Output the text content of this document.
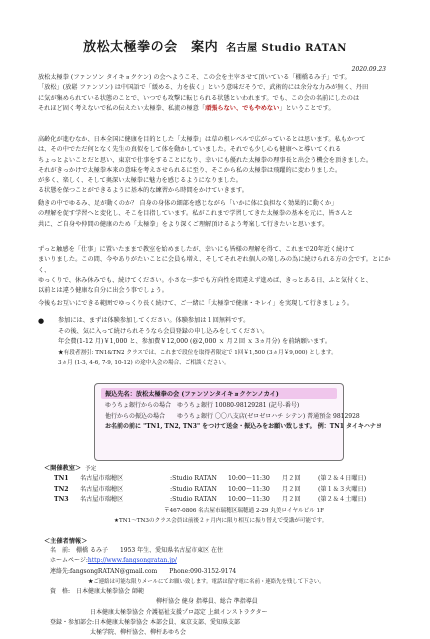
放松太極拳の会　案内 名古屋 Studio RATAN
2020.09.23

放松太極拳 (ファンソン タイキョクケン) の会へようこそ、この会を主宰させて頂いている「棚橋るみ子」です。

「放松」(放鬆 ファンソン) は中国語で「緩める、力を抜く」という意味だそうで、武術的には余分な力みが無く、丹田

に気が集められている状態のことで、いつでも攻撃に転じられる状態といわれます。でも、この会の名前にしたのは

それほど固く考えないで私の伝えたい太極拳、私流の極意「頑張らない、でもやめない」ということです。

高齢化が進むなか、日本全国に健康を目的とした「太極拳」は草の根レベルで広がっているとは思います。私もかつて

は、その中でただ何となく先生の真似をして体を動かしていました。それでも少し心も健康へと導いてくれる

ちょっとよいことだと思い、東京で仕事をすることになり、幸いにも優れた太極拳の理事長と出会う機会を頂きました。

それがきっかけで太極拳本来の意味を考えさせられるに至り、そこから私の太極拳は飛躍的に変わりました。

が多く、楽しく、そして奥深い太極拳に魅力を感じるようになりました。

る状態を保つことができるように基本的な練習から時間をかけていきます。

動きの中でゆるみ、足が動くのか？ 自身の身体の細部を感じながら「いかに体に負担なく効果的に動くか」

の理解を促す学習へと変化し、そこを目指しています。私がこれまで学習してきた太極拳の基本を元に、皆さんと

共に、ご自身や仲間の健康のため「太極拳」をより深くご理解頂けるよう考案して行きたいと思います。

ずっと触感を「仕事」に置いたままで教室を始めましたが、幸いにも皆様の理解を得て、これまで20年近く続けて

まいりました。この間、今やありがたいことに会員も増え、そしてそれぞれ個人の楽しみの為に続けられる方の会です。とにかく、

ゆっくりで、休み休みでも、続けてください。小さな一歩でも方向性を間違えず進めば、きっとある日、ふと気付くと、

以前とは違う健康な自分に出会う事でしょう。

今後もお互いにできる範囲でゆっくり長く続けて、ご一緒に「太極拳で健康・キレイ」を実現して行きましょう。

● 参加には、まずは体験参加してください。体験参加は１回無料です。
その後、気に入って続けられそうなら会員登録の申し込みをしてください。
年会費(1-12 月)￥1,000 と、参加費￥12,000 (@2,000 ｘ 月２回 ｘ 3ヵ月分) を前納願います。
★有段者割引: TN1&TN2 クラスでは、これまで段位を取得者限定で 1回￥1,500 (3ヵ月￥9,000) とします。
3ヵ月 (1-3, 4-6, 7-9, 10-12) の途中入会の場合、ご相談ください。
振込先名：放松太極拳の会 (ファンソンタイキョクケンノカイ)
ゆうちょ銀行からの場合　ゆうちょ銀行 10080-98129281 (記号-番号)
他行からの振込の場合　　ゆうちょ銀行 〇〇八支店(ゼロゼロハチ シテン) 普通預金 9812928
お名前の前に "TN1, TN2, TN3" をつけて送金・振込みをお願い致します。 例：TN1 タイキハナヨ
＜開催教室＞ 予定
TN1	名古屋市瑞穂区	:Studio RATAN	10:00〜11:30	月２回	(第２＆４日曜日)
TN2	名古屋市瑞穂区	:Studio RATAN	10:00〜11:30	月２回	(第１＆３火曜日)
TN3	名古屋市瑞穂区	:Studio RATAN	10:00〜11:30	月２回	(第２＆４土曜日)
〒467-0806 名古屋市瑞穂区瑞穂通 2-29 丸美ロイヤルビル 1F
★TN1〜TN3のクラス会員は前後２ヶ月内に限り相互に振り替えで受講が可能です。
＜主催者情報＞
名　前:　 棚橋 るみ子　　1953 年生、愛知県名古屋市東区 在住
ホームページ:http://www.fangsongratan.jp/
連絡先:fangsongRATAN@gmail.com　　Phone:090-3152-9174
★ご連絡は可能な限りメールにてお願い致します。電話は留守電に名前・連絡先を残して下さい。
資　格:　 日本健康太極拳協会 師範
　　　　　　　　　　　柳杆協会 健身 指導員、総合 準指導員
日本健康太極拳協会 介護福祉支援プロ認定 上級インストラクター
登録・参加部会:日本健康太極拳協会 本部会員、東京支部、愛知県支部
太極学院、柳杆協会、柳杆あゆち会
